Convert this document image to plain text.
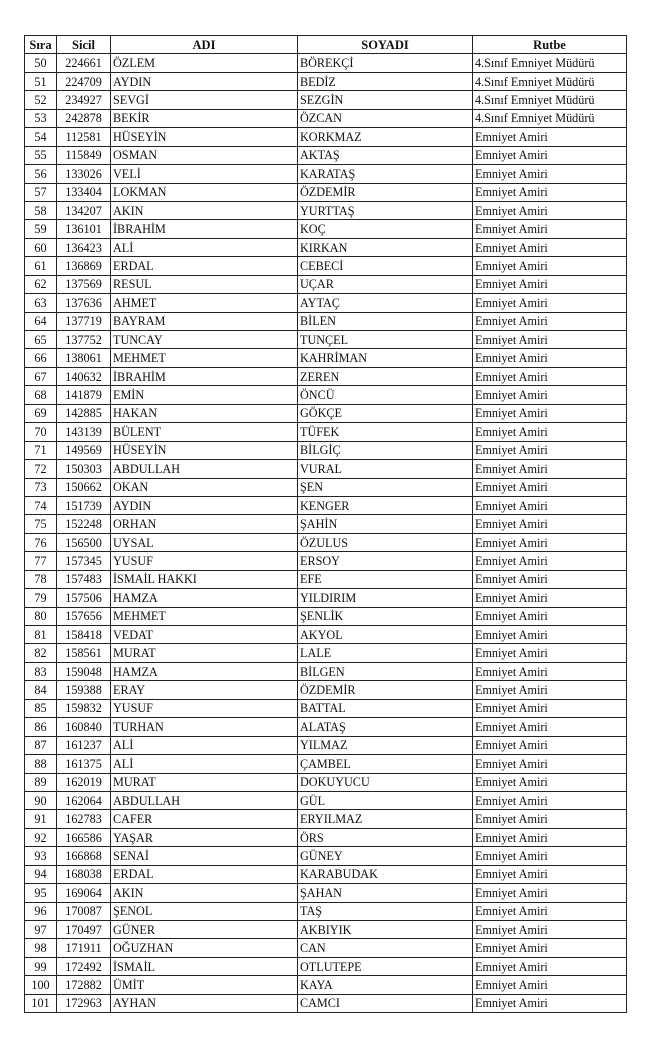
Sıra	Sicil	ADI	SOYADI	Rutbe
50	224661	ÖZLEM	BÖREKÇİ	4.Sınıf Emniyet Müdürü
51	224709	AYDIN	BEDİZ	4.Sınıf Emniyet Müdürü
52	234927	SEVGİ	SEZGİN	4.Sınıf Emniyet Müdürü
53	242878	BEKİR	ÖZCAN	4.Sınıf Emniyet Müdürü
54	112581	HÜSEYİN	KORKMAZ	Emniyet Amiri
55	115849	OSMAN	AKTAŞ	Emniyet Amiri
56	133026	VELİ	KARATAŞ	Emniyet Amiri
57	133404	LOKMAN	ÖZDEMİR	Emniyet Amiri
58	134207	AKIN	YURTTAŞ	Emniyet Amiri
59	136101	İBRAHİM	KOÇ	Emniyet Amiri
60	136423	ALİ	KIRKAN	Emniyet Amiri
61	136869	ERDAL	CEBECİ	Emniyet Amiri
62	137569	RESUL	UÇAR	Emniyet Amiri
63	137636	AHMET	AYTAÇ	Emniyet Amiri
64	137719	BAYRAM	BİLEN	Emniyet Amiri
65	137752	TUNCAY	TUNÇEL	Emniyet Amiri
66	138061	MEHMET	KAHRİMAN	Emniyet Amiri
67	140632	İBRAHİM	ZEREN	Emniyet Amiri
68	141879	EMİN	ÖNCÜ	Emniyet Amiri
69	142885	HAKAN	GÖKÇE	Emniyet Amiri
70	143139	BÜLENT	TÜFEK	Emniyet Amiri
71	149569	HÜSEYİN	BİLGİÇ	Emniyet Amiri
72	150303	ABDULLAH	VURAL	Emniyet Amiri
73	150662	OKAN	ŞEN	Emniyet Amiri
74	151739	AYDIN	KENGER	Emniyet Amiri
75	152248	ORHAN	ŞAHİN	Emniyet Amiri
76	156500	UYSAL	ÖZULUS	Emniyet Amiri
77	157345	YUSUF	ERSOY	Emniyet Amiri
78	157483	İSMAİL HAKKI	EFE	Emniyet Amiri
79	157506	HAMZA	YILDIRIM	Emniyet Amiri
80	157656	MEHMET	ŞENLİK	Emniyet Amiri
81	158418	VEDAT	AKYOL	Emniyet Amiri
82	158561	MURAT	LALE	Emniyet Amiri
83	159048	HAMZA	BİLGEN	Emniyet Amiri
84	159388	ERAY	ÖZDEMİR	Emniyet Amiri
85	159832	YUSUF	BATTAL	Emniyet Amiri
86	160840	TURHAN	ALATAŞ	Emniyet Amiri
87	161237	ALİ	YILMAZ	Emniyet Amiri
88	161375	ALİ	ÇAMBEL	Emniyet Amiri
89	162019	MURAT	DOKUYUCU	Emniyet Amiri
90	162064	ABDULLAH	GÜL	Emniyet Amiri
91	162783	CAFER	ERYILMAZ	Emniyet Amiri
92	166586	YAŞAR	ÖRS	Emniyet Amiri
93	166868	SENAİ	GÜNEY	Emniyet Amiri
94	168038	ERDAL	KARABUDAK	Emniyet Amiri
95	169064	AKIN	ŞAHAN	Emniyet Amiri
96	170087	ŞENOL	TAŞ	Emniyet Amiri
97	170497	GÜNER	AKBIYIK	Emniyet Amiri
98	171911	OĞUZHAN	CAN	Emniyet Amiri
99	172492	İSMAİL	OTLUTEPE	Emniyet Amiri
100	172882	ÜMİT	KAYA	Emniyet Amiri
101	172963	AYHAN	CAMCI	Emniyet Amiri
